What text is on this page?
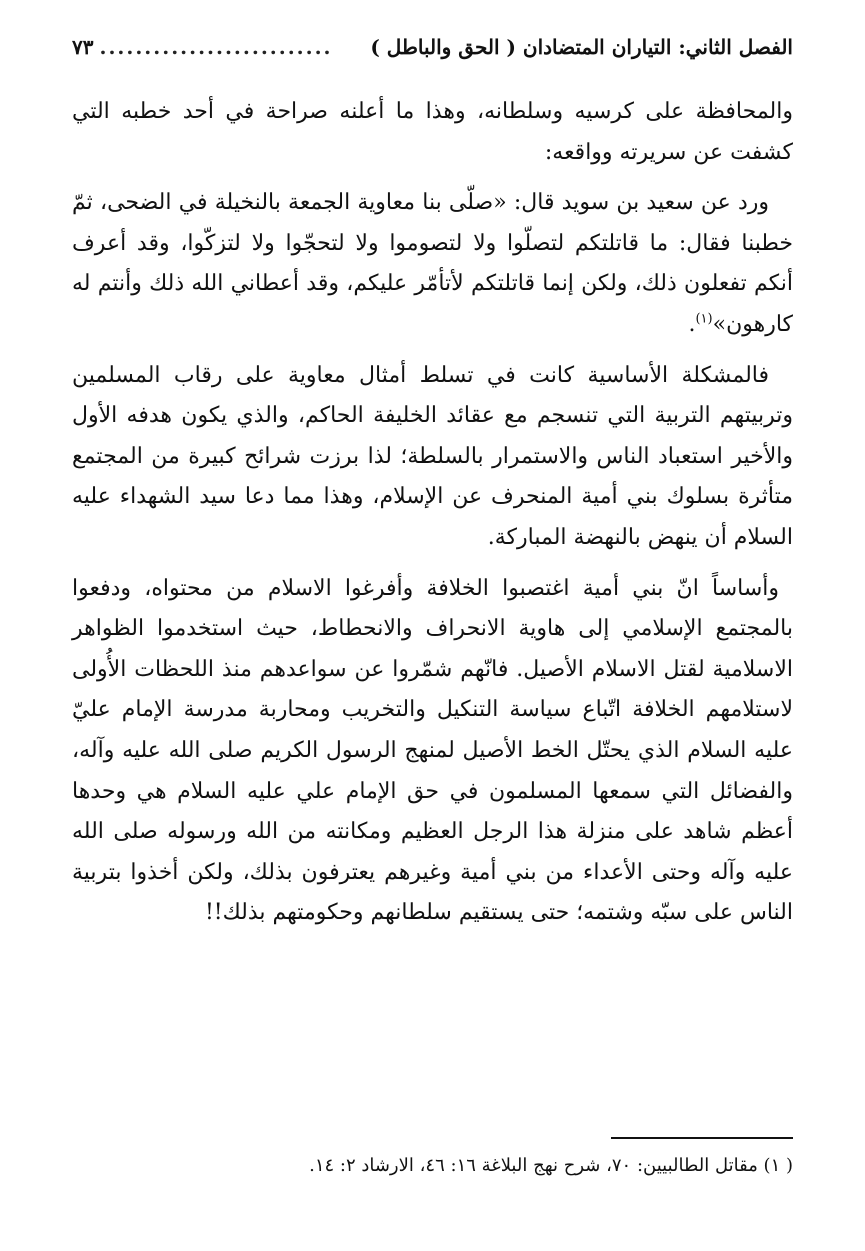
الفصل الثاني: التياران المتضادان ( الحق والباطل )
..........................
٧٣

والمحافظة على كرسيه وسلطانه، وهذا ما أعلنه صراحة في أحد خطبه التي كشفت عن سريرته وواقعه:

ورد عن سعيد بن سويد قال: «صلّى بنا معاوية الجمعة بالنخيلة في الضحى، ثمّ خطبنا فقال: ما قاتلتكم لتصلّوا ولا لتصوموا ولا لتحجّوا ولا لتزكّوا، وقد أعرف أنكم تفعلون ذلك، ولكن إنما قاتلتكم لأتأمّر عليكم، وقد أعطاني الله ذلك وأنتم له كارهون»$^{(١)}$.

فالمشكلة الأساسية كانت في تسلط أمثال معاوية على رقاب المسلمين وتربيتهم التربية التي تنسجم مع عقائد الخليفة الحاكم، والذي يكون هدفه الأول والأخير استعباد الناس والاستمرار بالسلطة؛ لذا برزت شرائح كبيرة من المجتمع متأثرة بسلوك بني أمية المنحرف عن الإسلام، وهذا مما دعا سيد الشهداء عليه السلام أن ينهض بالنهضة المباركة.

وأساساً انّ بني أمية اغتصبوا الخلافة وأفرغوا الاسلام من محتواه، ودفعوا بالمجتمع الإسلامي إلى هاوية الانحراف والانحطاط، حيث استخدموا الظواهر الاسلامية لقتل الاسلام الأصيل. فانّهم شمّروا عن سواعدهم منذ اللحظات الأُولى لاستلامهم الخلافة اتّباع سياسة التنكيل والتخريب ومحاربة مدرسة الإمام عليّ عليه السلام الذي يحتّل الخط الأصيل لمنهج الرسول الكريم صلى الله عليه وآله، والفضائل التي سمعها المسلمون في حق الإمام علي عليه السلام هي وحدها أعظم شاهد على منزلة هذا الرجل العظيم ومكانته من الله ورسوله صلى الله عليه وآله وحتى الأعداء من بني أمية وغيرهم يعترفون بذلك، ولكن أخذوا بتربية الناس على سبّه وشتمه؛ حتى يستقيم سلطانهم وحكومتهم بذلك!!

( ١) مقاتل الطالبيين: ٧٠، شرح نهج البلاغة ١٦: ٤٦، الارشاد ٢: ١٤.
